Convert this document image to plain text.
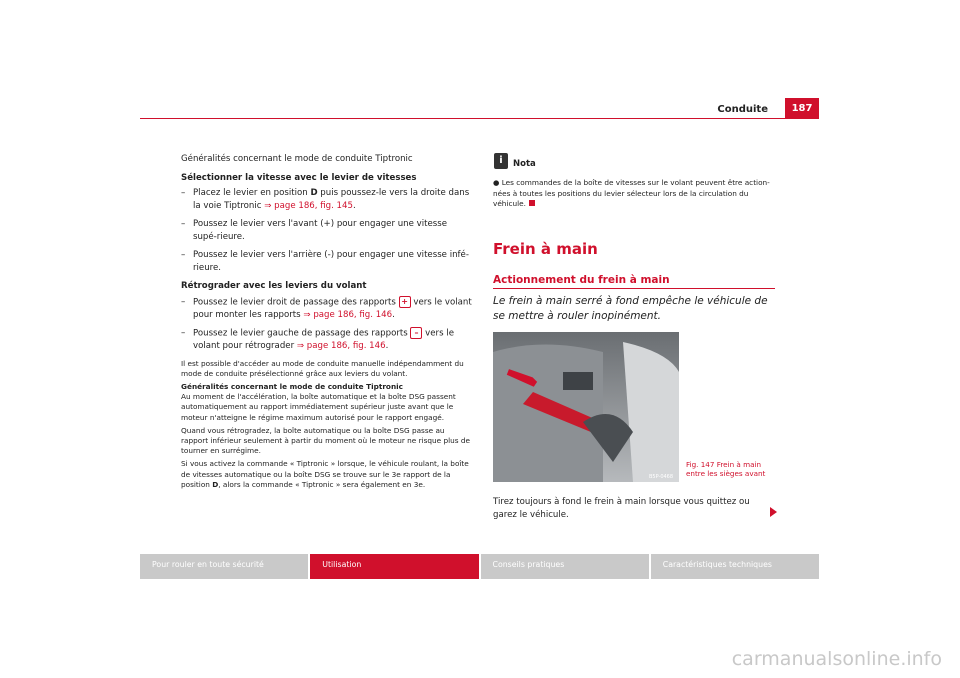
Conduite	187

Généralités concernant le mode de conduite Tiptronic

Sélectionner la vitesse avec le levier de vitesses

– Placez le levier en position D puis poussez-le vers la droite dans la voie Tiptronic ⇒ page 186, fig. 145.
– Poussez le levier vers l'avant (+) pour engager une vitesse supé-rieure.
– Poussez le levier vers l'arrière (-) pour engager une vitesse infé-rieure.

Rétrograder avec les leviers du volant

– Poussez le levier droit de passage des rapports + vers le volant pour monter les rapports ⇒ page 186, fig. 146.
– Poussez le levier gauche de passage des rapports – vers le volant pour rétrograder ⇒ page 186, fig. 146.

Il est possible d'accéder au mode de conduite manuelle indépendamment du mode de conduite présélectionné grâce aux leviers du volant.

Généralités concernant le mode de conduite Tiptronic

Au moment de l'accélération, la boîte automatique et la boîte DSG passent automatiquement au rapport immédiatement supérieur juste avant que le moteur n'atteigne le régime maximum autorisé pour le rapport engagé.

Quand vous rétrogradez, la boîte automatique ou la boîte DSG passe au rapport inférieur seulement à partir du moment où le moteur ne risque plus de tourner en surrégime.

Si vous activez la commande « Tiptronic » lorsque, le véhicule roulant, la boîte de vitesses automatique ou la boîte DSG se trouve sur le 3e rapport de la position D, alors la commande « Tiptronic » sera également en 3e.

i	Nota
● Les commandes de la boîte de vitesses sur le volant peuvent être action-nées à toutes les positions du levier sélecteur lors de la circulation du véhicule.
Frein à main
Actionnement du frein à main
Le frein à main serré à fond empêche le véhicule de se mettre à rouler inopinément.
B5P-0468
Fig. 147 Frein à main
entre les sièges avant
Tirez toujours à fond le frein à main lorsque vous quittez ou garez le véhicule.
Pour rouler en toute sécurité	Utilisation	Conseils pratiques	Caractéristiques techniques
carmanualsonline.info
